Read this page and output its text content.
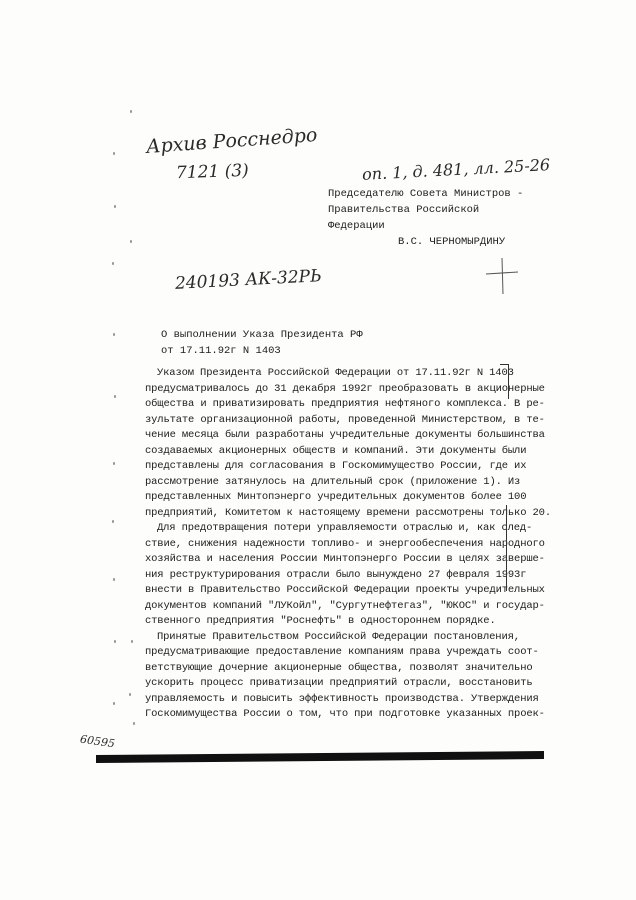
Архив Росснедро
7121 (3)	оп. 1, д. 481, лл. 25-26
240193 АК-32РЬ
60595
Председателю Совета Министров -
Правительства Российской
Федерации
В.С. ЧЕРНОМЫРДИНУ
О выполнении Указа Президента РФ
от 17.11.92г N 1403
Указом Президента Российской Федерации от 17.11.92г N 1403
предусматривалось до 31 декабря 1992г преобразовать в акционерные
общества и приватизировать предприятия нефтяного комплекса. В ре-
зультате организационной работы, проведенной Министерством, в те-
чение месяца были разработаны учредительные документы большинства
создаваемых акционерных обществ и компаний. Эти документы были
представлены для согласования в Госкомимущество России, где их
рассмотрение затянулось на длительный срок (приложение 1). Из
представленных Минтопэнерго учредительных документов более 100
предприятий, Комитетом к настоящему времени рассмотрены только 20.
Для предотвращения потери управляемости отраслью и, как след-
ствие, снижения надежности топливо- и энергообеспечения народного
хозяйства и населения России Минтопэнерго России в целях заверше-
ния реструктурирования отрасли было вынуждено 27 февраля 1993г
внести в Правительство Российской Федерации проекты учредительных
документов компаний "ЛУКойл", "Сургутнефтегаз", "ЮКОС" и государ-
ственного предприятия "Роснефть" в одностороннем порядке.
Принятые Правительством Российской Федерации постановления,
предусматривающие предоставление компаниям права учреждать соот-
ветствующие дочерние акционерные общества, позволят значительно
ускорить процесс приватизации предприятий отрасли, восстановить
управляемость и повысить эффективность производства. Утверждения
Госкомимущества России о том, что при подготовке указанных проек-
